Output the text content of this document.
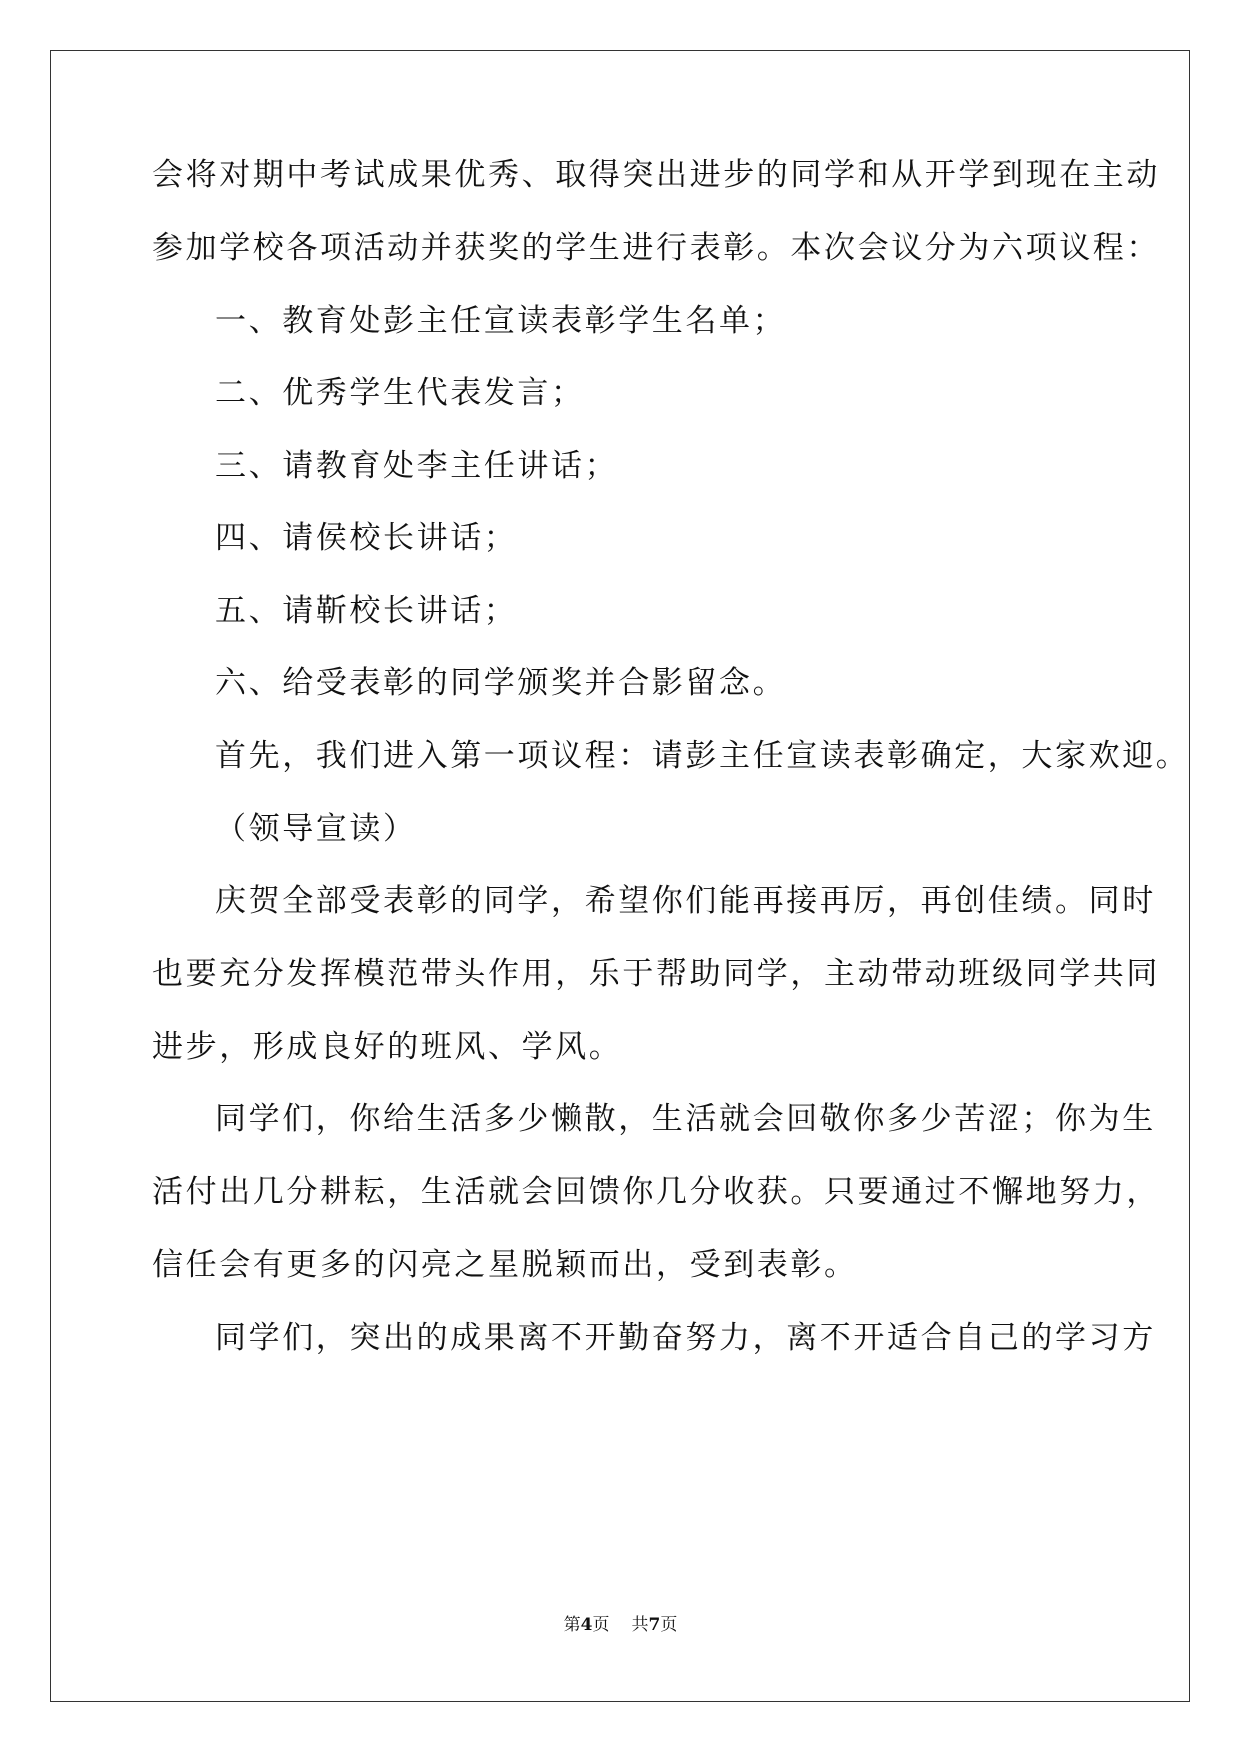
会将对期中考试成果优秀、取得突出进步的同学和从开学到现在主动
参加学校各项活动并获奖的学生进行表彰。本次会议分为六项议程：
一、教育处彭主任宣读表彰学生名单；
二、优秀学生代表发言；
三、请教育处李主任讲话；
四、请侯校长讲话；
五、请靳校长讲话；
六、给受表彰的同学颁奖并合影留念。
首先，我们进入第一项议程：请彭主任宣读表彰确定，大家欢迎。
（领导宣读）
庆贺全部受表彰的同学，希望你们能再接再厉，再创佳绩。同时
也要充分发挥模范带头作用，乐于帮助同学，主动带动班级同学共同
进步，形成良好的班风、学风。
同学们，你给生活多少懒散，生活就会回敬你多少苦涩；你为生
活付出几分耕耘，生活就会回馈你几分收获。只要通过不懈地努力，
信任会有更多的闪亮之星脱颖而出，受到表彰。
同学们，突出的成果离不开勤奋努力，离不开适合自己的学习方
第4页 共7页
